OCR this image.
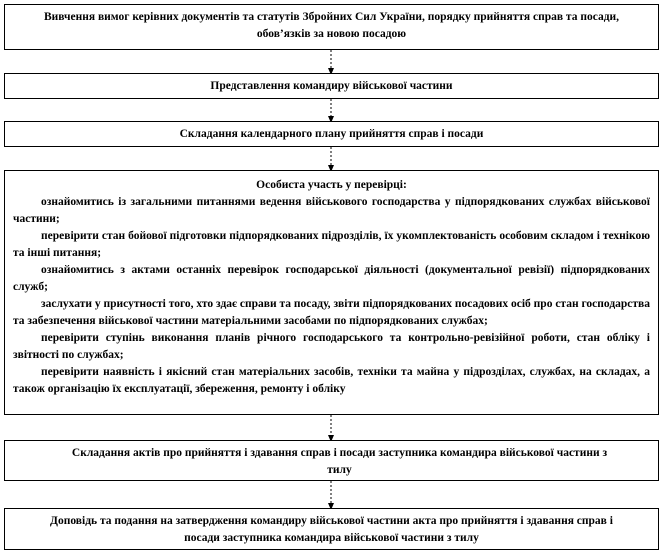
Вивчення вимог керівних документів та статутів Збройних Сил України, порядку прийняття справ та посади, обов’язків за новою посадою
Представлення командиру військової частини
Складання календарного плану прийняття справ і посади
Особиста участь у перевірці:
ознайомитись із загальними питаннями ведення військового господарства у підпорядкованих службах військової частини;
перевірити стан бойової підготовки підпорядкованих підрозділів, їх укомплектованість особовим складом і технікою та інші питання;
ознайомитись з актами останніх перевірок господарської діяльності (документальної ревізії) підпорядкованих служб;
заслухати у присутності того, хто здає справи та посаду, звіти підпорядкованих посадових осіб про стан господарства та забезпечення військової частини матеріальними засобами по підпорядкованих службах;
перевірити ступінь виконання планів річного господарського та контрольно-ревізійної роботи, стан обліку і звітності по службах;
перевірити наявність і якісний стан матеріальних засобів, техніки та майна у підрозділах, службах, на складах, а також організацію їх експлуатації, збереження, ремонту і обліку
Складання актів про прийняття і здавання справ і посади заступника командира військової частини з тилу
Доповідь та подання на затвердження командиру військової частини акта про прийняття і здавання справ і посади заступника командира військової частини з тилу
